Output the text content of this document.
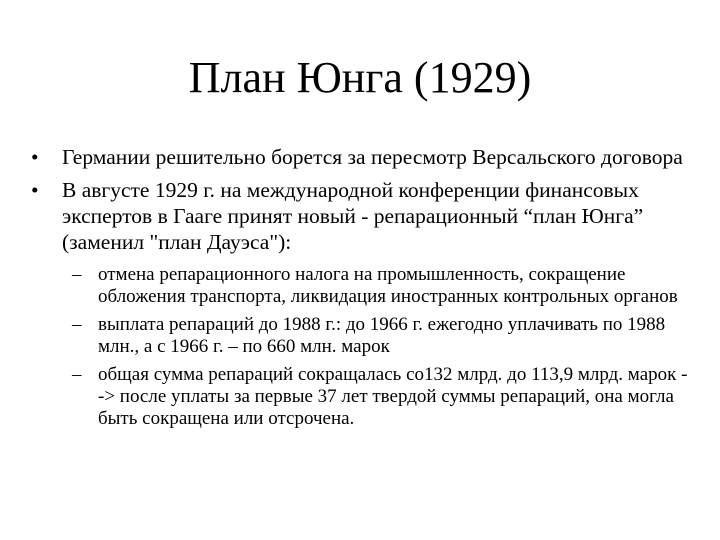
План Юнга (1929)
• Германии решительно борется за пересмотр Версальского договора
• В августе 1929 г. на международной конференции финансовых экспертов в Гааге принят новый - репарационный “план Юнга” (заменил "план Дауэса"):
– отмена репарационного налога на промышленность, сокращение обложения транспорта, ликвидация иностранных контрольных органов
– выплата репараций до 1988 г.: до 1966 г. ежегодно уплачивать по 1988 млн., а с 1966 г. – по 660 млн. марок
– общая сумма репараций сокращалась со132 млрд. до 113,9 млрд. марок --> после уплаты за первые 37 лет твердой суммы репараций, она могла быть сокращена или отсрочена.
